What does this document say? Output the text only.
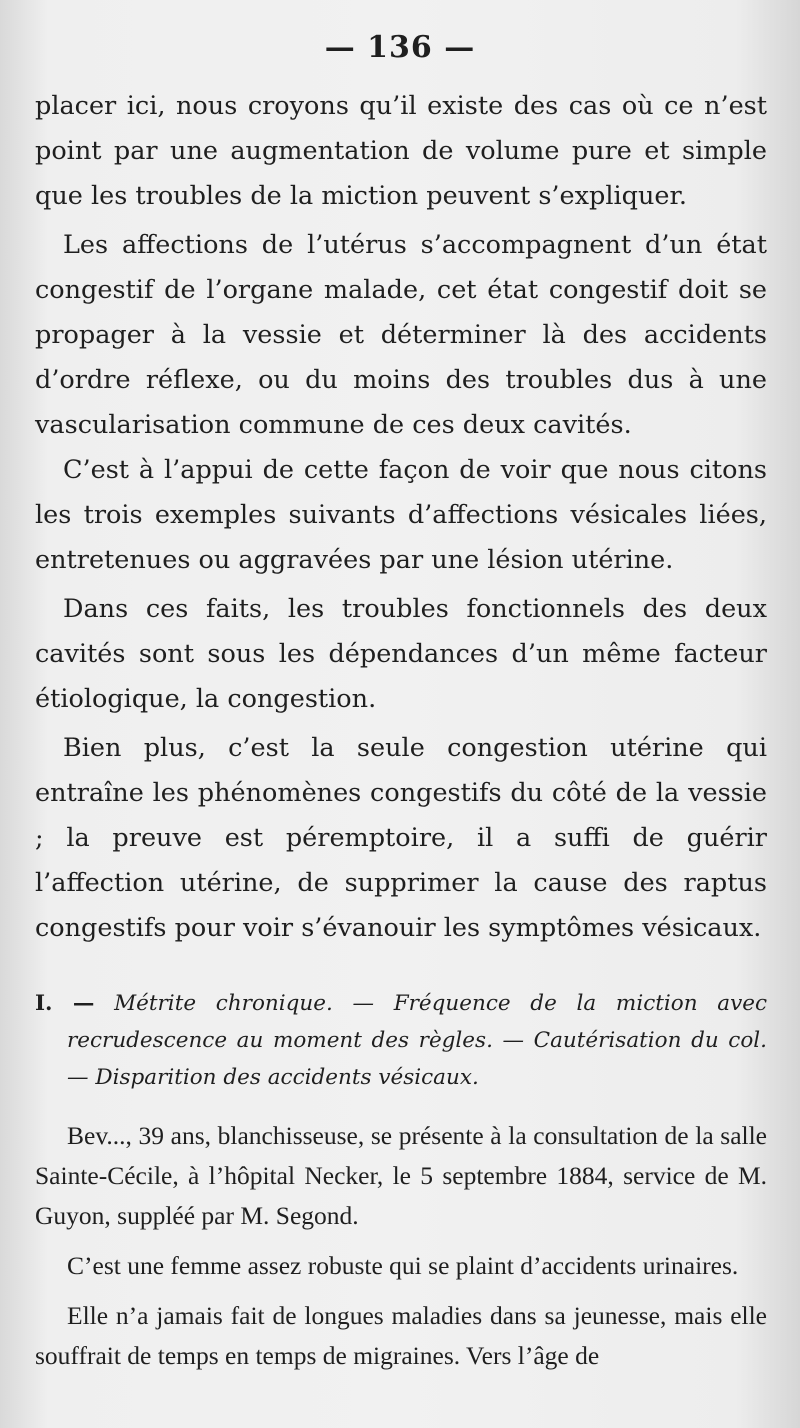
— 136 —

placer ici, nous croyons qu’il existe des cas où ce n’est point par une augmentation de volume pure et simple que les troubles de la miction peuvent s’expliquer.

Les affections de l’utérus s’accompagnent d’un état congestif de l’organe malade, cet état congestif doit se propager à la vessie et déterminer là des accidents d’ordre réflexe, ou du moins des troubles dus à une vascularisation commune de ces deux cavités.

C’est à l’appui de cette façon de voir que nous citons les trois exemples suivants d’affections vésicales liées, entretenues ou aggravées par une lésion utérine.

Dans ces faits, les troubles fonctionnels des deux cavités sont sous les dépendances d’un même facteur étiologique, la congestion.

Bien plus, c’est la seule congestion utérine qui entraîne les phénomènes congestifs du côté de la vessie ; la preuve est péremptoire, il a suffi de guérir l’affection utérine, de supprimer la cause des raptus congestifs pour voir s’évanouir les symptômes vésicaux.

I. — Métrite chronique. — Fréquence de la miction avec recrudescence au moment des règles. — Cautérisation du col. — Disparition des accidents vésicaux.

Bev..., 39 ans, blanchisseuse, se présente à la consultation de la salle Sainte-Cécile, à l’hôpital Necker, le 5 septembre 1884, service de M. Guyon, suppléé par M. Segond.

C’est une femme assez robuste qui se plaint d’accidents urinaires.

Elle n’a jamais fait de longues maladies dans sa jeunesse, mais elle souffrait de temps en temps de migraines. Vers l’âge de
